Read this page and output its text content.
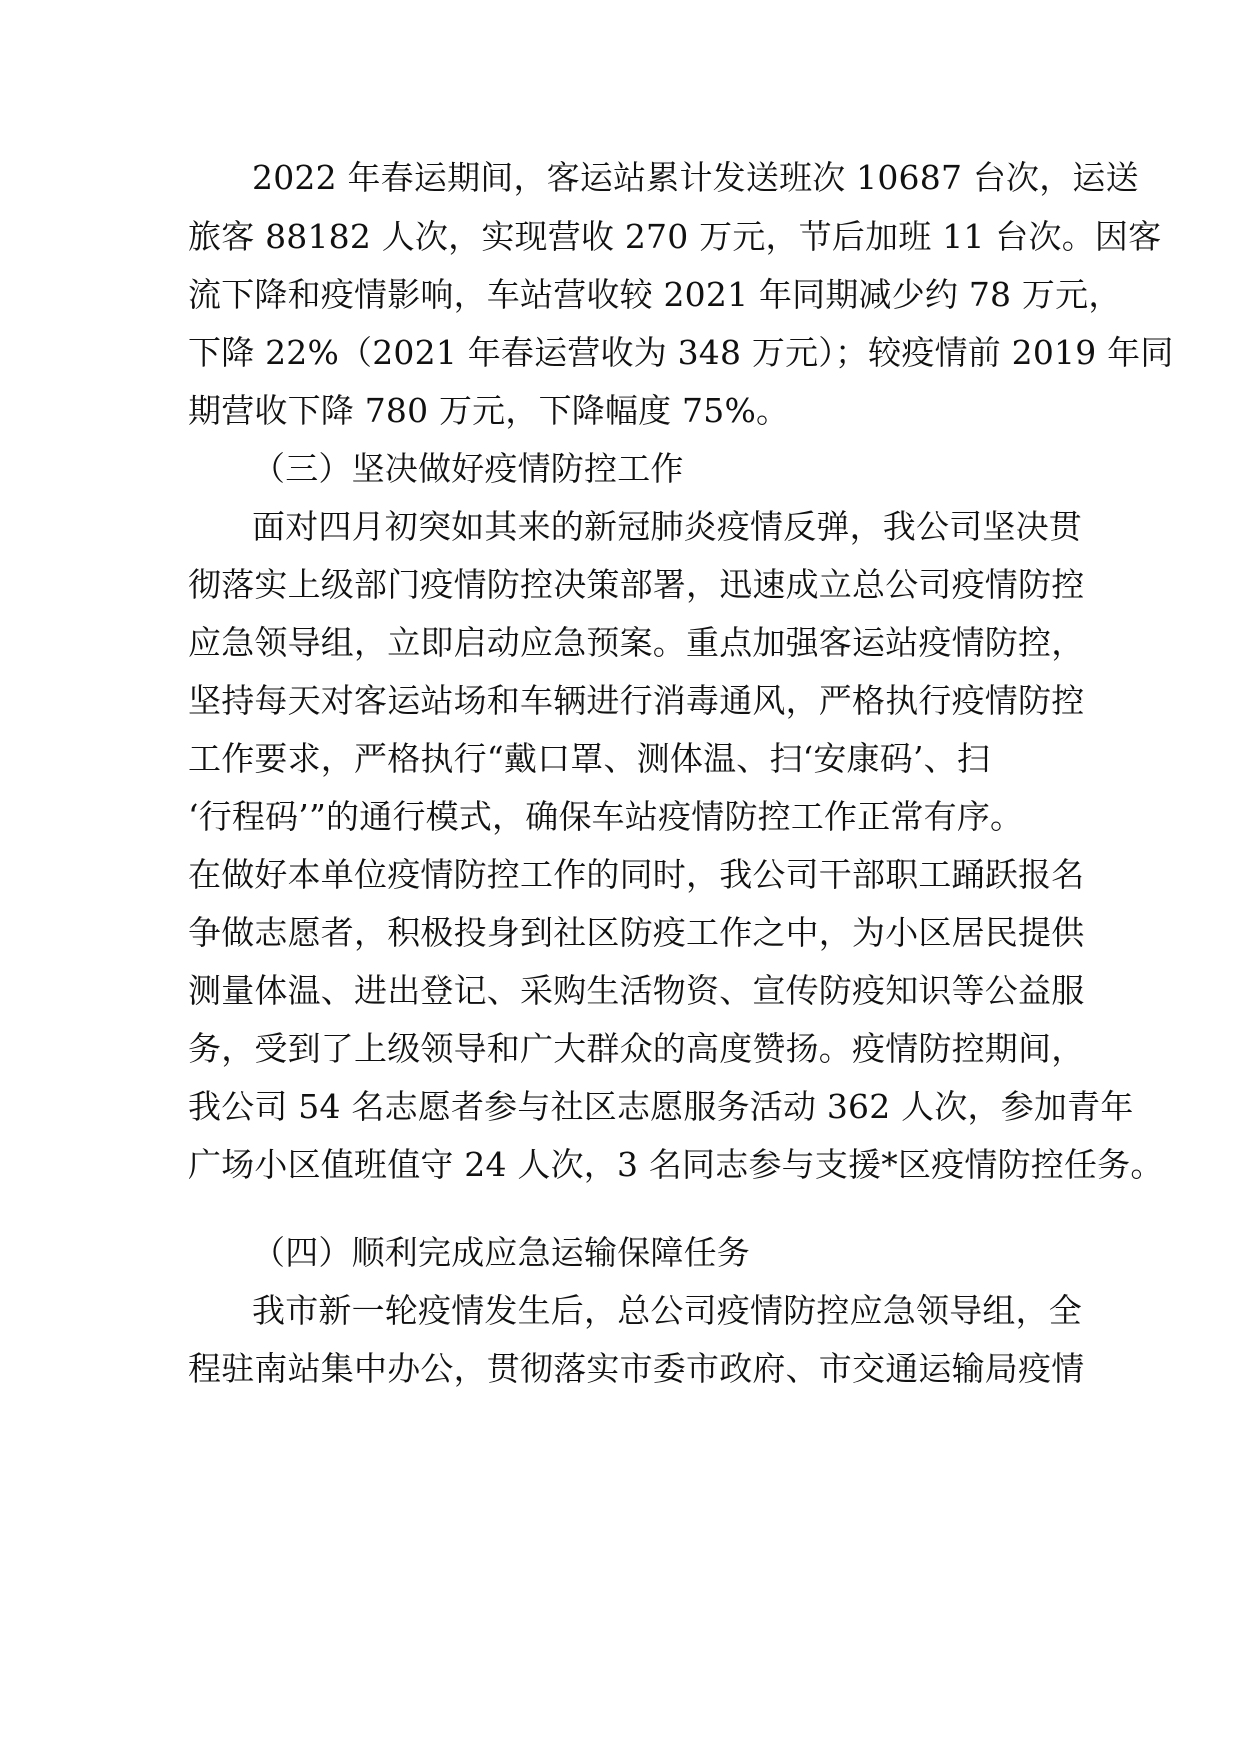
2022 年春运期间，客运站累计发送班次 10687 台次，运送
旅客 88182 人次，实现营收 270 万元，节后加班 11 台次。因客
流下降和疫情影响，车站营收较 2021 年同期减少约 78 万元，
下降 22%（2021 年春运营收为 348 万元）；较疫情前 2019 年同
期营收下降 780 万元，下降幅度 75%。
（三）坚决做好疫情防控工作
面对四月初突如其来的新冠肺炎疫情反弹，我公司坚决贯
彻落实上级部门疫情防控决策部署，迅速成立总公司疫情防控
应急领导组，立即启动应急预案。重点加强客运站疫情防控，
坚持每天对客运站场和车辆进行消毒通风，严格执行疫情防控
工作要求，严格执行“戴口罩、测体温、扫‘安康码’、扫
‘行程码’”的通行模式，确保车站疫情防控工作正常有序。
在做好本单位疫情防控工作的同时，我公司干部职工踊跃报名
争做志愿者，积极投身到社区防疫工作之中，为小区居民提供
测量体温、进出登记、采购生活物资、宣传防疫知识等公益服
务，受到了上级领导和广大群众的高度赞扬。疫情防控期间，
我公司 54 名志愿者参与社区志愿服务活动 362 人次，参加青年
广场小区值班值守 24 人次，3 名同志参与支援*区疫情防控任务。
（四）顺利完成应急运输保障任务
我市新一轮疫情发生后，总公司疫情防控应急领导组，全
程驻南站集中办公，贯彻落实市委市政府、市交通运输局疫情
